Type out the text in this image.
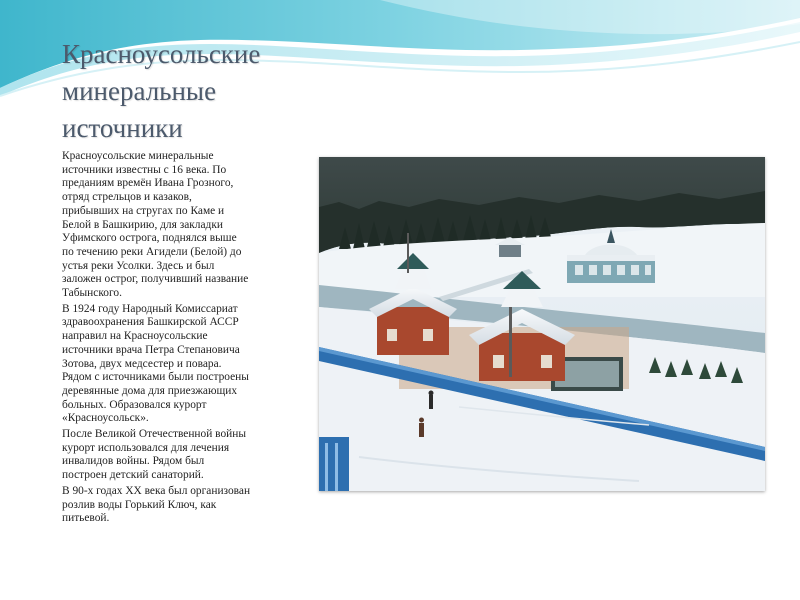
Красноусольские
минеральные
источники

Красноусольские минеральные
источники известны с 16 века. По
преданиям времён Ивана Грозного,
отряд стрельцов и казаков,
прибывших на стругах по Каме и
Белой в Башкирию, для закладки
Уфимского острога, поднялся выше
по течению реки Агидели (Белой) до
устья реки Усолки. Здесь и был
заложен острог, получивший название
Табынского.

В 1924 году Народный Комиссариат
здравоохранения Башкирской АССР
направил на Красноусольские
источники врача Петра Степановича
Зотова, двух медсестер и повара.
Рядом с источниками были построены
деревянные дома для приезжающих
больных. Образовался курорт
«Красноусольск».

После Великой Отечественной войны
курорт использовался для лечения
инвалидов войны. Рядом был
построен детский санаторий.

В 90-х годах XX века был организован
розлив воды Горький Ключ, как
питьевой.
